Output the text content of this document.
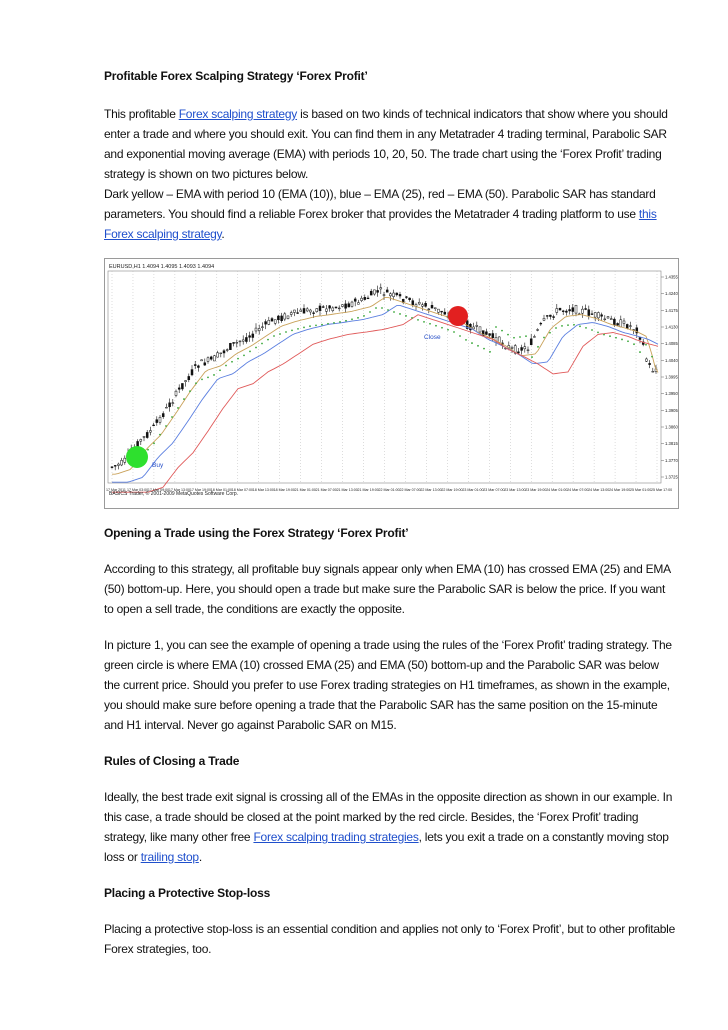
Profitable Forex Scalping Strategy ‘Forex Profit’

This profitable Forex scalping strategy is based on two kinds of technical indicators that show where you should enter a trade and where you should exit. You can find them in any Metatrader 4 trading terminal, Parabolic SAR and exponential moving average (EMA) with periods 10, 20, 50. The trade chart using the ‘Forex Profit’ trading strategy is shown on two pictures below.

Dark yellow – EMA with period 10 (EMA (10)), blue – EMA (25), red – EMA (50). Parabolic SAR has standard parameters. You should find a reliable Forex broker that provides the Metatrader 4 trading platform to use this Forex scalping strategy.

17 Mar 2011 17 Mar 03:00 17 Mar 09:00 17 Mar 13:00 17 Mar 19:00 18 Mar 01:00 18 Mar 07:00 18 Mar 13:00 18 Mar 19:00 21 Mar 01:00 21 Mar 07:00 21 Mar 13:00 21 Mar 19:00 22 Mar 01:00 22 Mar 07:00 22 Mar 13:00 22 Mar 19:00 23 Mar 01:00 23 Mar 07:00 23 Mar 13:00 23 Mar 19:00 24 Mar 01:00 24 Mar 07:00 24 Mar 13:00 24 Mar 19:00 25 Mar 01:00 25 Mar 17:00
1.4355
1.4240
1.4175
1.4130
1.4085
1.4040
1.3995
1.3950
1.3905
1.3860
1.3815
1.3770
1.3725
Buy
Close
EURUSD,H1 1.4094 1.4095 1.4093 1.4094
BASICS Trader, © 2001-2009 MetaQuotes Software Corp.
Opening a Trade using the Forex Strategy ‘Forex Profit’

According to this strategy, all profitable buy signals appear only when EMA (10) has crossed EMA (25) and EMA (50) bottom-up. Here, you should open a trade but make sure the Parabolic SAR is below the price. If you want to open a sell trade, the conditions are exactly the opposite.

In picture 1, you can see the example of opening a trade using the rules of the ‘Forex Profit’ trading strategy. The green circle is where EMA (10) crossed EMA (25) and EMA (50) bottom-up and the Parabolic SAR was below the current price. Should you prefer to use Forex trading strategies on H1 timeframes, as shown in the example, you should make sure before opening a trade that the Parabolic SAR has the same position on the 15-minute and H1 interval. Never go against Parabolic SAR on M15.

Rules of Closing a Trade

Ideally, the best trade exit signal is crossing all of the EMAs in the opposite direction as shown in our example. In this case, a trade should be closed at the point marked by the red circle. Besides, the ‘Forex Profit’ trading strategy, like many other free Forex scalping trading strategies, lets you exit a trade on a constantly moving stop loss or trailing stop.

Placing a Protective Stop-loss

Placing a protective stop-loss is an essential condition and applies not only to ‘Forex Profit’, but to other profitable Forex strategies, too.
